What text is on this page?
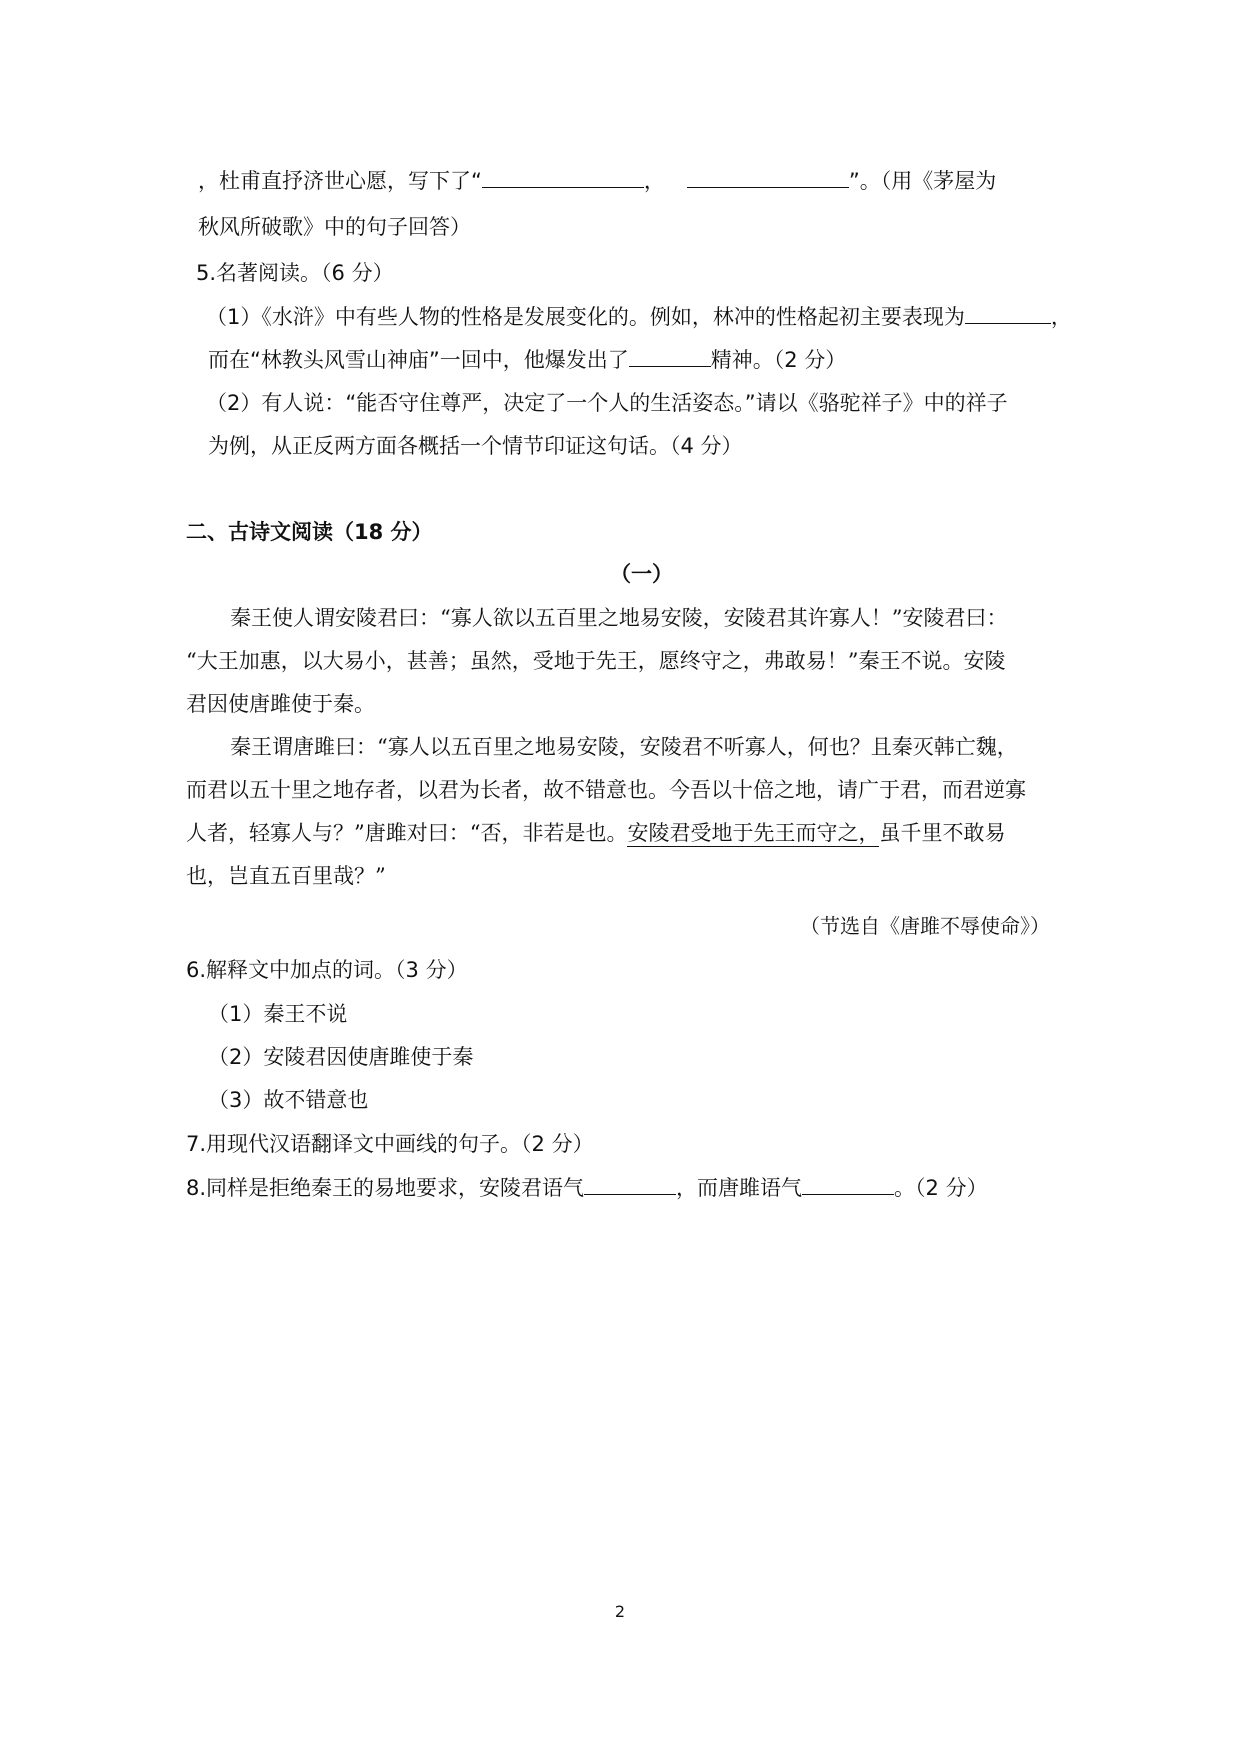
，杜甫直抒济世心愿，写下了“	，	”。（用《茅屋为
秋风所破歌》中的句子回答）
5.名著阅读。（6 分）
（1）《水浒》中有些人物的性格是发展变化的。例如，林冲的性格起初主要表现为	，
而在“林教头风雪山神庙”一回中，他爆发出了	精神。（2 分）
（2）有人说：“能否守住尊严，决定了一个人的生活姿态。”请以《骆驼祥子》中的祥子
为例，从正反两方面各概括一个情节印证这句话。（4 分）
二、古诗文阅读（18 分）
（一）
秦王使人谓安陵君曰：“寡人欲以五百里之地易安陵，安陵君其许寡人！”安陵君曰：
“大王加惠，以大易小，甚善；虽然，受地于先王，愿终守之，弗敢易！”秦王不说。安陵
君因使唐雎使于秦。
秦王谓唐雎曰：“寡人以五百里之地易安陵，安陵君不听寡人，何也？且秦灭韩亡魏，
而君以五十里之地存者，以君为长者，故不错意也。今吾以十倍之地，请广于君，而君逆寡
人者，轻寡人与？”唐雎对曰：“否，非若是也。安陵君受地于先王而守之，虽千里不敢易
也，岂直五百里哉？”
（节选自《唐雎不辱使命》）
6.解释文中加点的词。（3 分）
（1）秦王不说
（2）安陵君因使唐雎使于秦
（3）故不错意也
7.用现代汉语翻译文中画线的句子。（2 分）
8.同样是拒绝秦王的易地要求，安陵君语气	，而唐雎语气	。（2 分）
2
